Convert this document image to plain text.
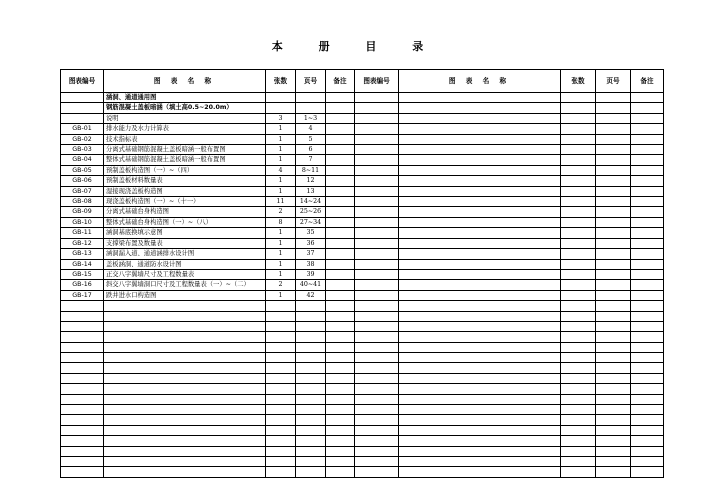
本 册 目 录
图表编号	图 表 名 称	张数	页号	备注	图表编号	图 表 名 称	张数	页号	备注
	涵洞、通道通用图								
	钢筋混凝土盖板暗涵（填土高0.5~20.0m）								
	说明	3	1~3						
GB-01	排水能力及水力计算表	1	4						
GB-02	技术指标表	1	5						
GB-03	分离式基础钢筋混凝土盖板暗涵一般布置图	1	6						
GB-04	整体式基础钢筋混凝土盖板暗涵一般布置图	1	7						
GB-05	预制盖板构造图（一）~（四）	4	8~11						
GB-06	预制盖板材料数量表	1	12						
GB-07	湿接现浇盖板构造图	1	13						
GB-08	现浇盖板构造图（一）~（十一）	11	14~24						
GB-09	分离式基础台身构造图	2	25~26						
GB-10	整体式基础台身构造图（一）~（八）	8	27~34						
GB-11	涵洞基底换填示意图	1	35						
GB-12	支撑梁布置及数量表	1	36						
GB-13	涵洞漏入道、通道涵排水设计图	1	37						
GB-14	盖板涵洞、通道防水设计图	1	38						
GB-15	正交八字翼墙尺寸及工程数量表	1	39						
GB-16	斜交八字翼墙洞口尺寸及工程数量表（一）~（二）	2	40~41						
GB-17	跌井进水口构造图	1	42						
